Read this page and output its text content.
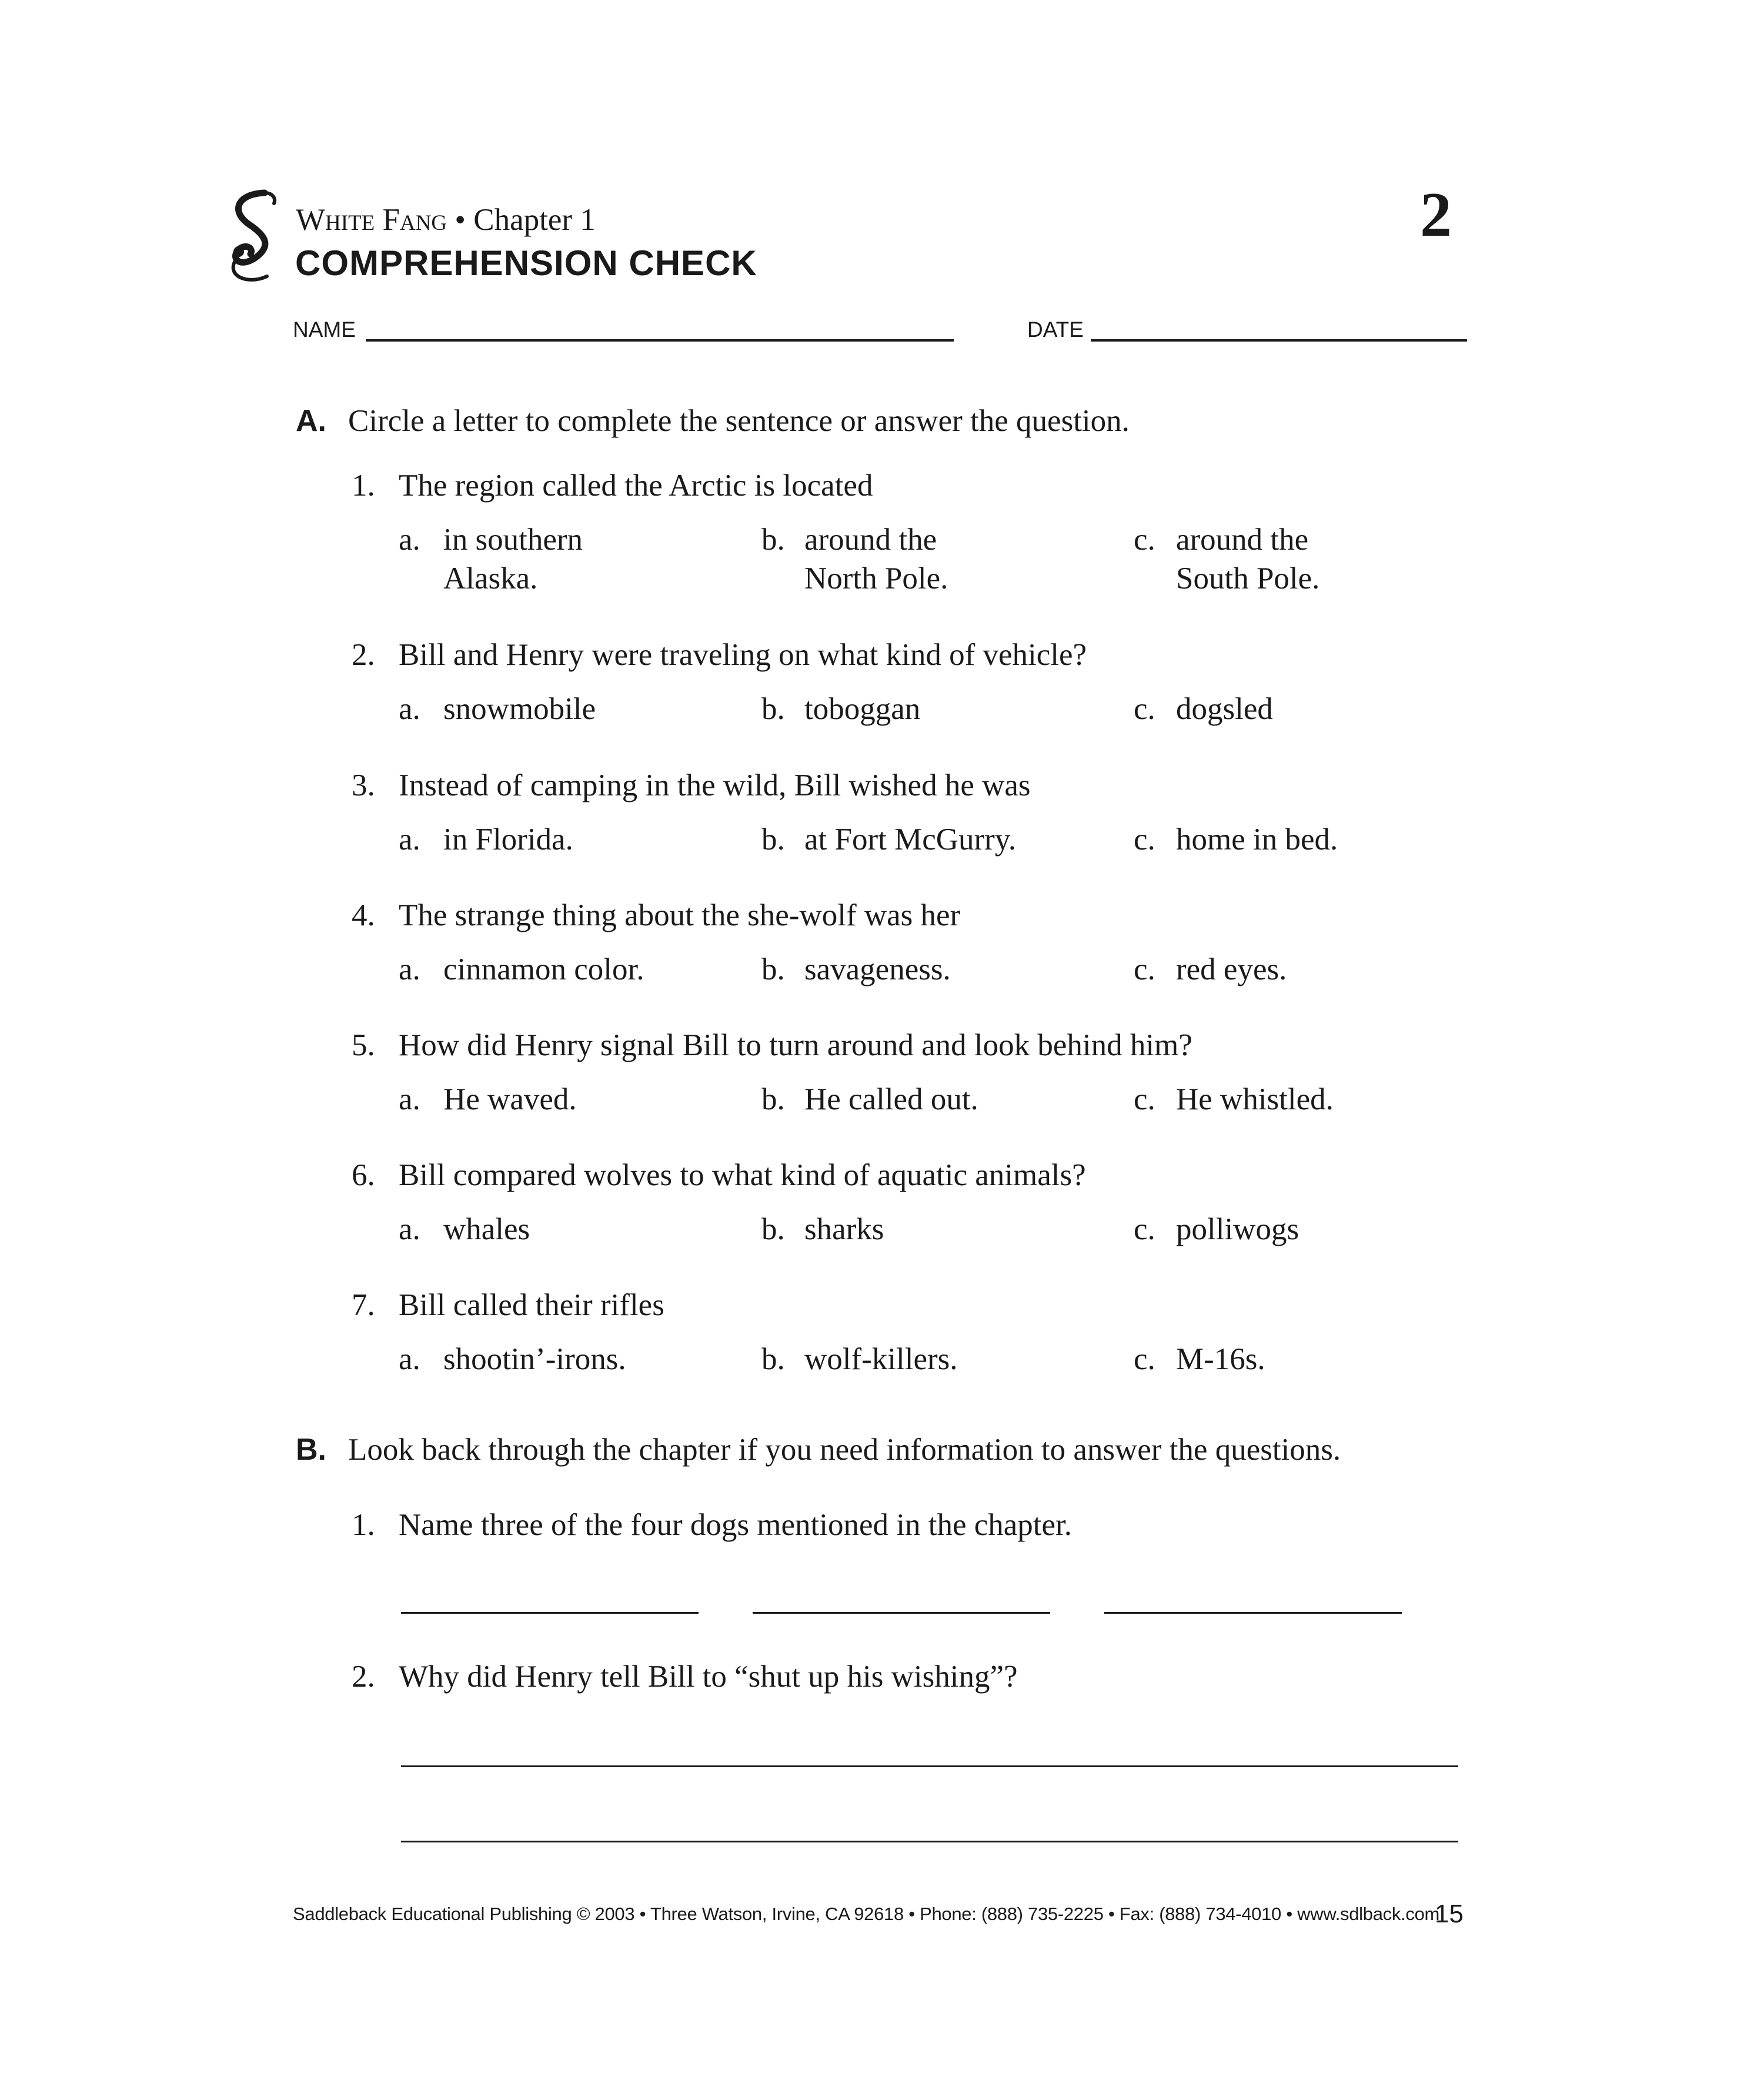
White Fang • Chapter 1
COMPREHENSION CHECK
2
NAME	DATE
A. Circle a letter to complete the sentence or answer the question.
1. The region called the Arctic is located
a. in southern
Alaska.
b. around the
North Pole.
c. around the
South Pole.
2. Bill and Henry were traveling on what kind of vehicle?
a. snowmobile	b. toboggan	c. dogsled
3. Instead of camping in the wild, Bill wished he was
a. in Florida.	b. at Fort McGurry.	c. home in bed.
4. The strange thing about the she-wolf was her
a. cinnamon color.	b. savageness.	c. red eyes.
5. How did Henry signal Bill to turn around and look behind him?
a. He waved.	b. He called out.	c. He whistled.
6. Bill compared wolves to what kind of aquatic animals?
a. whales	b. sharks	c. polliwogs
7. Bill called their rifles
a. shootin’-irons.	b. wolf-killers.	c. M-16s.
B. Look back through the chapter if you need information to answer the questions.
1. Name three of the four dogs mentioned in the chapter.
2. Why did Henry tell Bill to “shut up his wishing”?
Saddleback Educational Publishing © 2003 • Three Watson, Irvine, CA 92618 • Phone: (888) 735-2225 • Fax: (888) 734-4010 • www.sdlback.com
15
